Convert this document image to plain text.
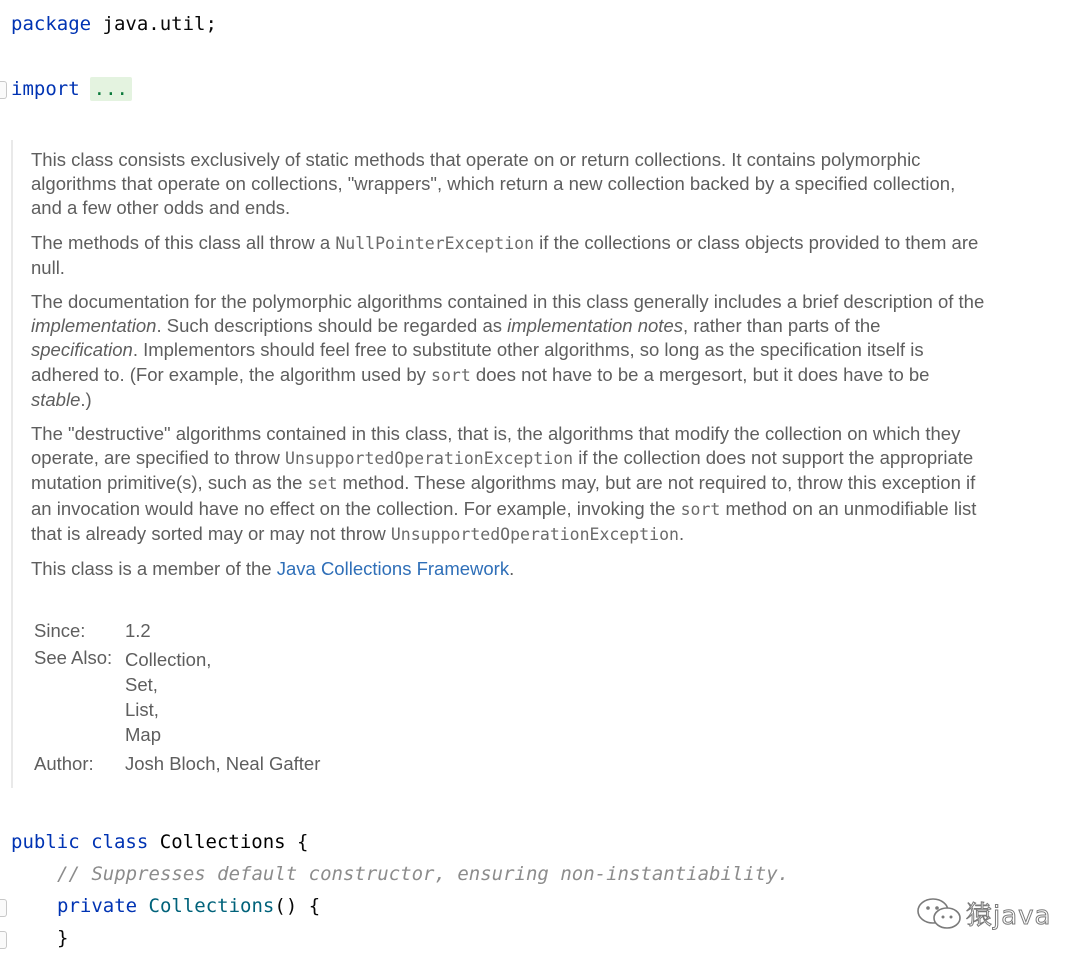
package java.util;
import ...

This class consists exclusively of static methods that operate on or return collections. It contains polymorphic algorithms that operate on collections, "wrappers", which return a new collection backed by a specified collection, and a few other odds and ends.

The methods of this class all throw a NullPointerException if the collections or class objects provided to them are null.

The documentation for the polymorphic algorithms contained in this class generally includes a brief description of the implementation. Such descriptions should be regarded as implementation notes, rather than parts of the specification. Implementors should feel free to substitute other algorithms, so long as the specification itself is adhered to. (For example, the algorithm used by sort does not have to be a mergesort, but it does have to be stable.)

The "destructive" algorithms contained in this class, that is, the algorithms that modify the collection on which they operate, are specified to throw UnsupportedOperationException if the collection does not support the appropriate mutation primitive(s), such as the set method. These algorithms may, but are not required to, throw this exception if an invocation would have no effect on the collection. For example, invoking the sort method on an unmodifiable list that is already sorted may or may not throw UnsupportedOperationException.

This class is a member of the Java Collections Framework.

Since:	1.2
See Also: Collection,
Set,
List,
Map
Author:	Josh Bloch, Neal Gafter
public class Collections {
// Suppresses default constructor, ensuring non-instantiability.
private Collections() {
}
猿java
